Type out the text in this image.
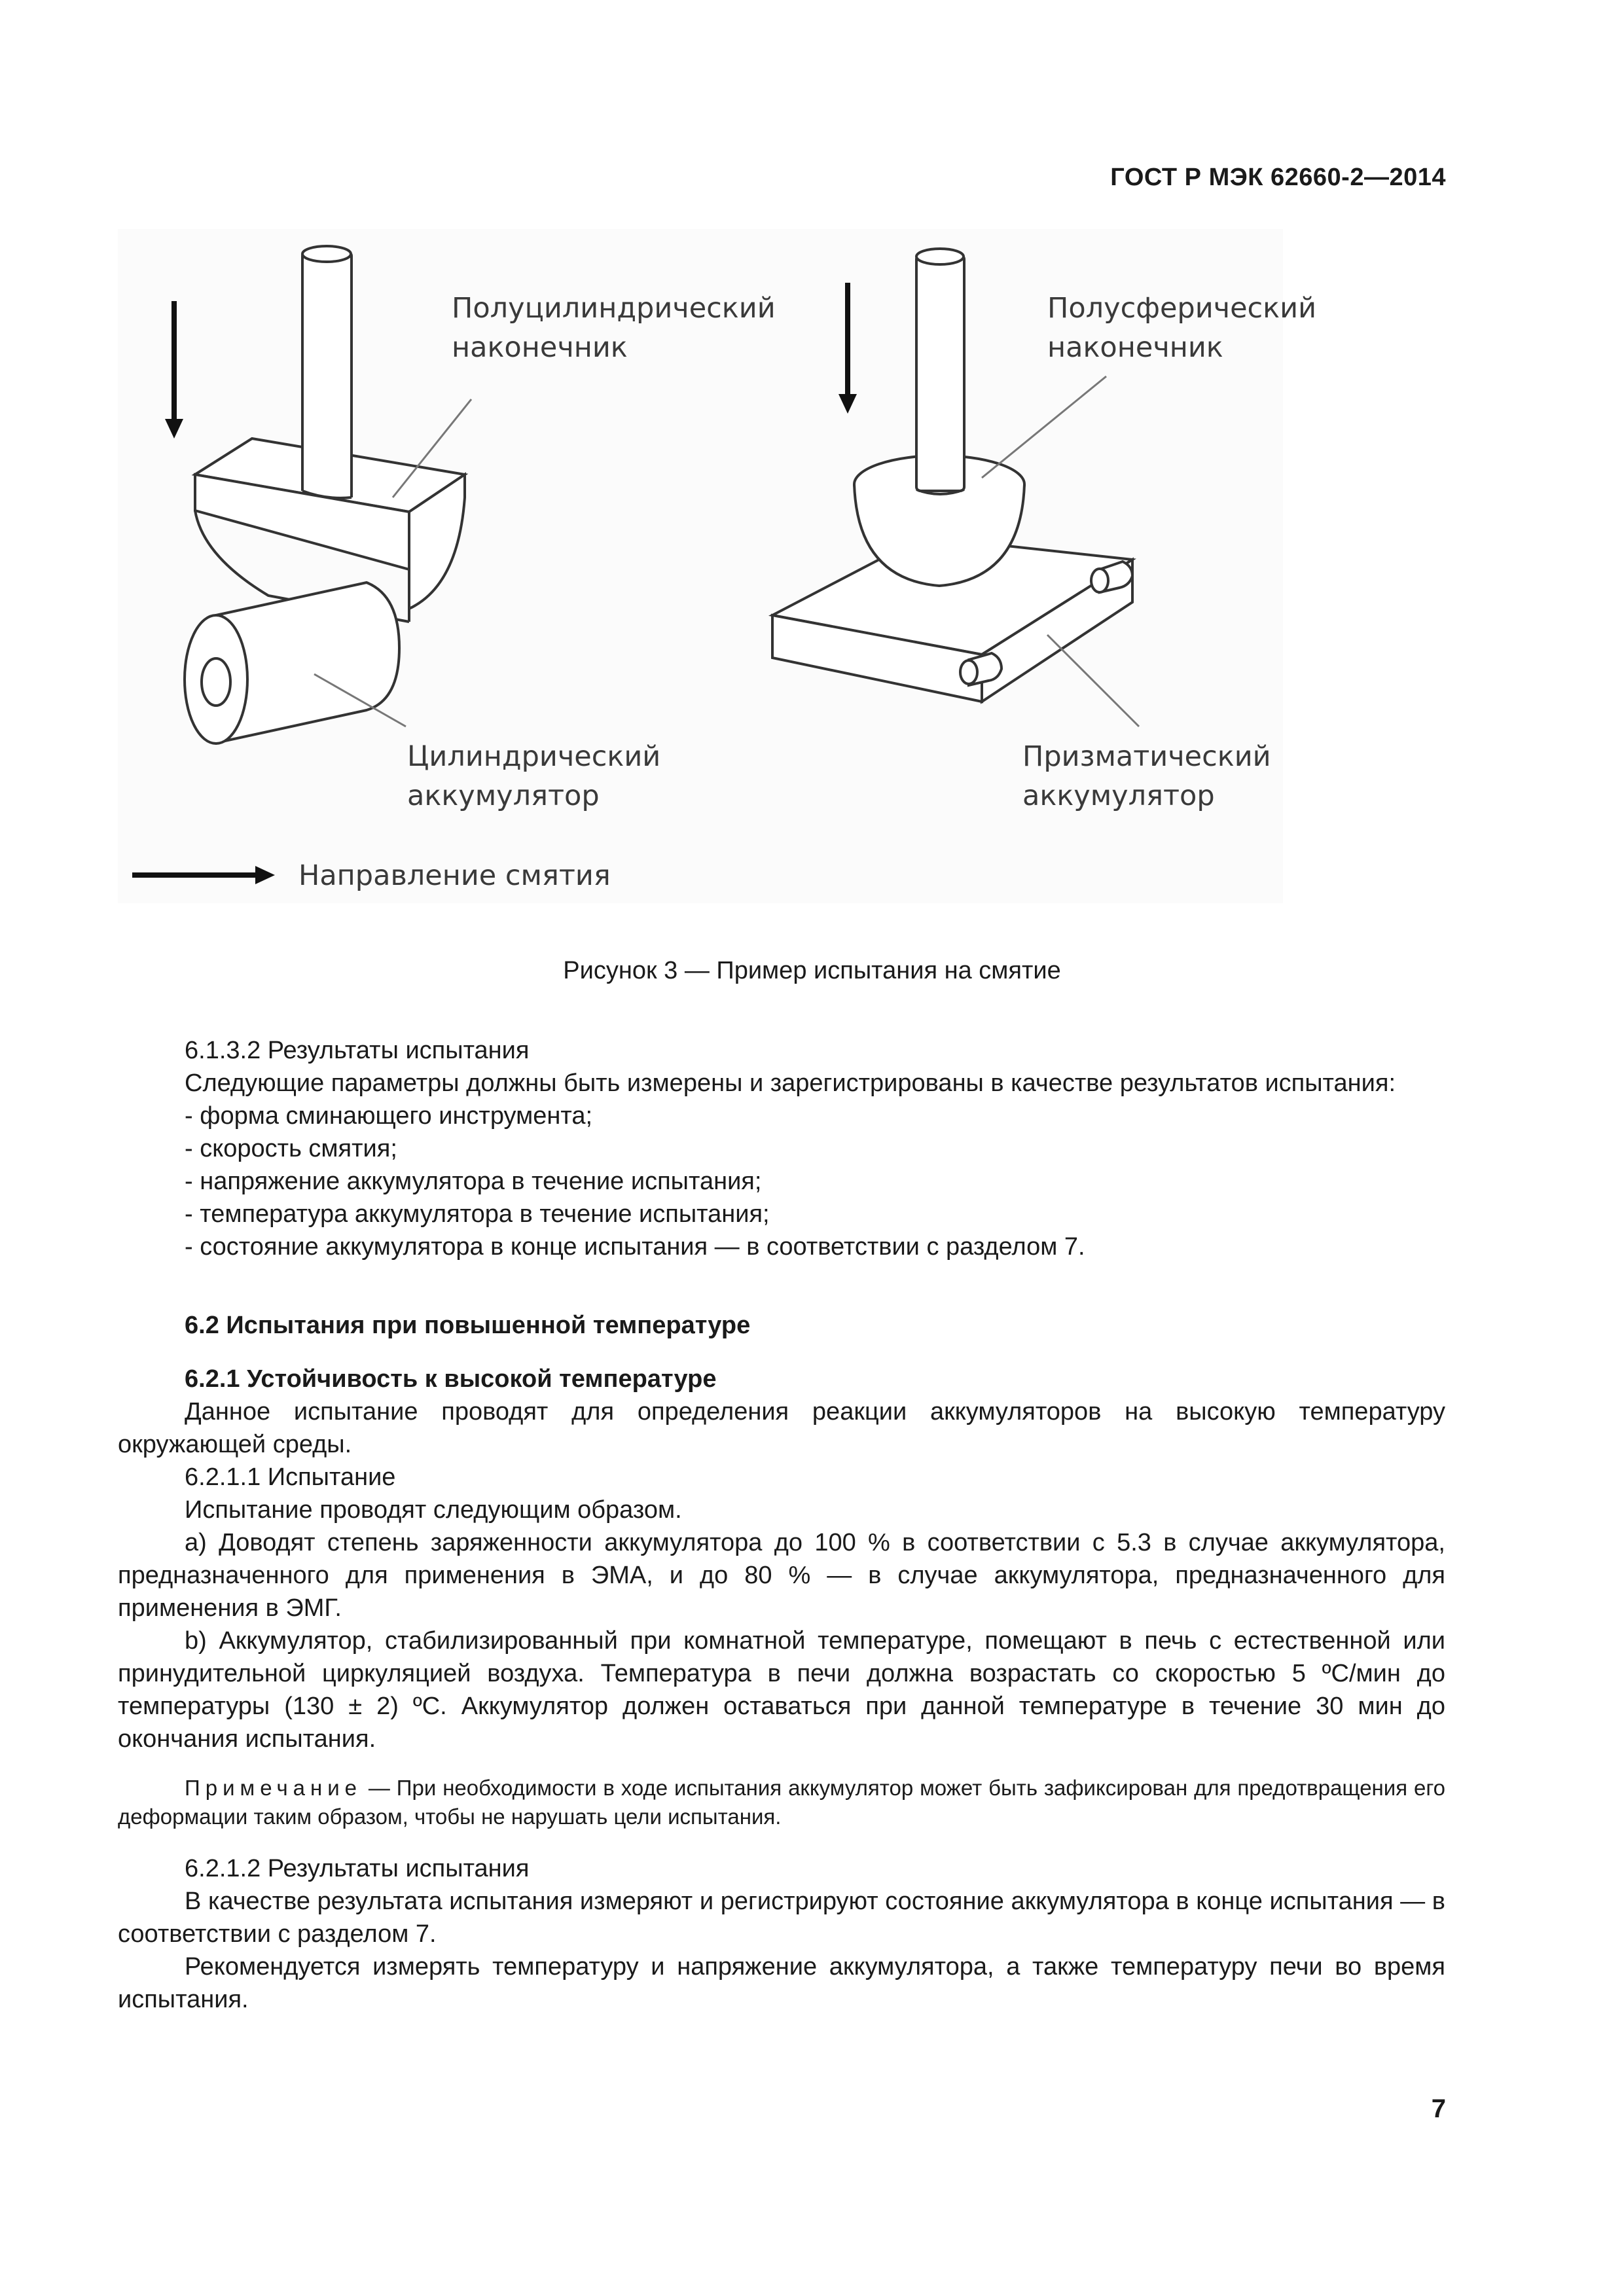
ГОСТ Р МЭК 62660-2—2014
Полуцилиндрический
наконечник
Цилиндрический
аккумулятор
Полусферический
наконечник
Призматический
аккумулятор
Направление смятия
Рисунок 3 — Пример испытания на смятие

6.1.3.2 Результаты испытания

Следующие параметры должны быть измерены и зарегистрированы в качестве результатов испытания:

- форма сминающего инструмента;

- скорость смятия;

- напряжение аккумулятора в течение испытания;

- температура аккумулятора в течение испытания;

- состояние аккумулятора в конце испытания — в соответствии с разделом 7.

6.2 Испытания при повышенной температуре

6.2.1 Устойчивость к высокой температуре

Данное испытание проводят для определения реакции аккумуляторов на высокую температуру окружающей среды.

6.2.1.1 Испытание

Испытание проводят следующим образом.

a) Доводят степень заряженности аккумулятора до 100 % в соответствии с 5.3 в случае аккумулятора, предназначенного для применения в ЭМА, и до 80 % — в случае аккумулятора, предназначенного для применения в ЭМГ.

b) Аккумулятор, стабилизированный при комнатной температуре, помещают в печь с естественной или принудительной циркуляцией воздуха. Температура в печи должна возрастать со скоростью 5 ºС/мин до температуры (130 ± 2) ºС. Аккумулятор должен оставаться при данной температуре в течение 30 мин до окончания испытания.

Примечание — При необходимости в ходе испытания аккумулятор может быть зафиксирован для предотвращения его деформации таким образом, чтобы не нарушать цели испытания.

6.2.1.2 Результаты испытания

В качестве результата испытания измеряют и регистрируют состояние аккумулятора в конце испытания — в соответствии с разделом 7.

Рекомендуется измерять температуру и напряжение аккумулятора, а также температуру печи во время испытания.

7
